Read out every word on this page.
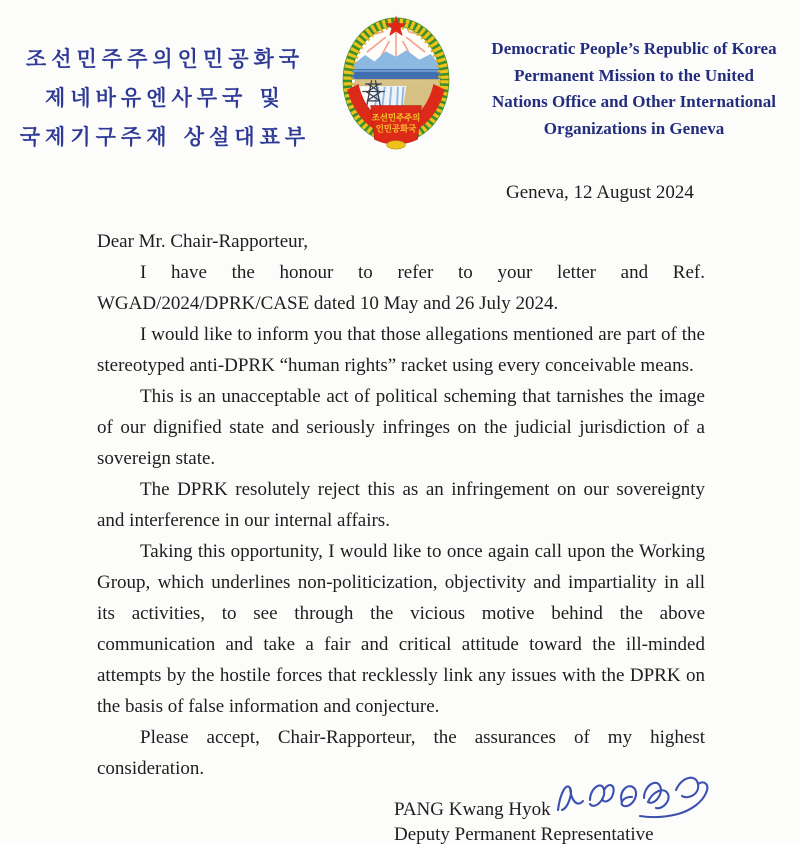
조선민주주의인민공화국
제네바유엔사무국 및
국제기구주재 상설대표부
조선민주주의
인민공화국
Democratic People’s Republic of Korea
Permanent Mission to the United
Nations Office and Other International
Organizations in Geneva
Geneva, 12 August 2024

Dear Mr. Chair-Rapporteur,

I have the honour to refer to your letter and Ref. WGAD/2024/DPRK/CASE dated 10 May and 26 July 2024.

I would like to inform you that those allegations mentioned are part of the stereotyped anti-DPRK “human rights” racket using every conceivable means.

This is an unacceptable act of political scheming that tarnishes the image of our dignified state and seriously infringes on the judicial jurisdiction of a sovereign state.

The DPRK resolutely reject this as an infringement on our sovereignty and interference in our internal affairs.

Taking this opportunity, I would like to once again call upon the Working Group, which underlines non-politicization, objectivity and impartiality in all its activities, to see through the vicious motive behind the above communication and take a fair and critical attitude toward the ill-minded attempts by the hostile forces that recklessly link any issues with the DPRK on the basis of false information and conjecture.

Please accept, Chair-Rapporteur, the assurances of my highest consideration.

PANG Kwang Hyok
Deputy Permanent Representative
